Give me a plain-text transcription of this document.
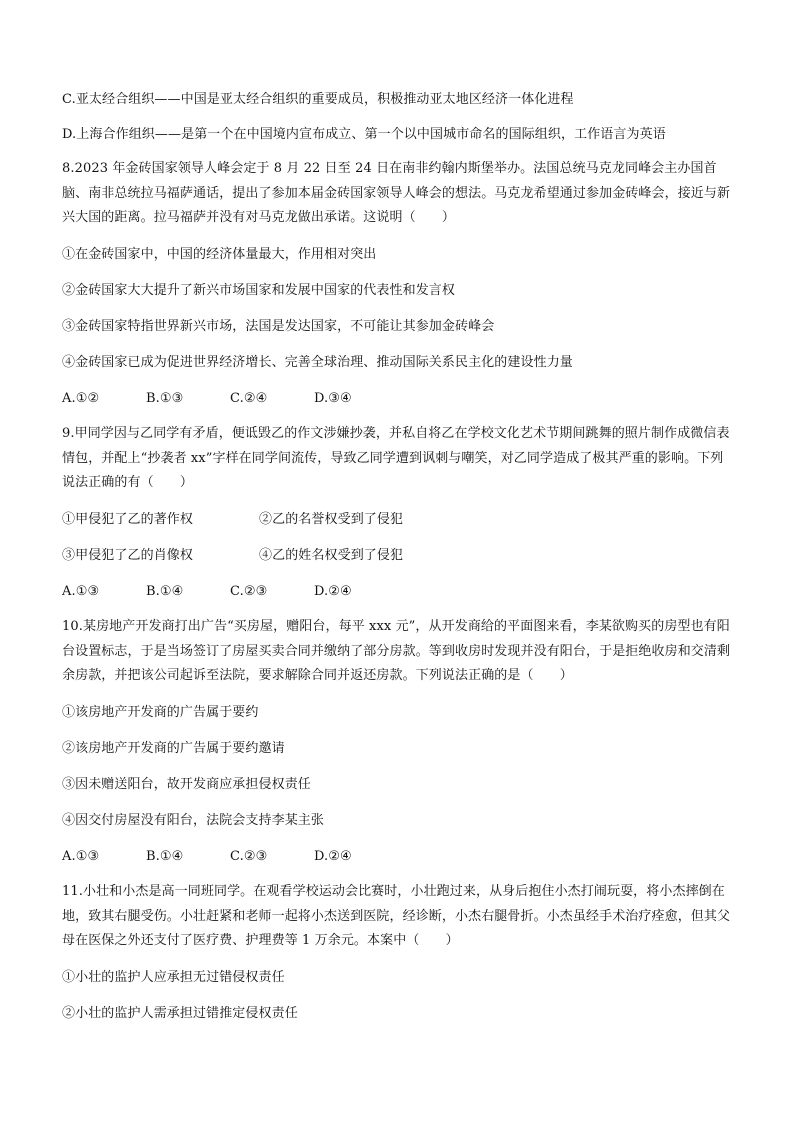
C.亚太经合组织——中国是亚太经合组织的重要成员，积极推动亚太地区经济一体化进程
D.上海合作组织——是第一个在中国境内宣布成立、第一个以中国城市命名的国际组织，工作语言为英语
8.2023 年金砖国家领导人峰会定于 8 月 22 日至 24 日在南非约翰内斯堡举办。法国总统马克龙同峰会主办国首脑、南非总统拉马福萨通话，提出了参加本届金砖国家领导人峰会的想法。马克龙希望通过参加金砖峰会，接近与新兴大国的距离。拉马福萨并没有对马克龙做出承诺。这说明（　　）
①在金砖国家中，中国的经济体量最大，作用相对突出
②金砖国家大大提升了新兴市场国家和发展中国家的代表性和发言权
③金砖国家特指世界新兴市场，法国是发达国家，不可能让其参加金砖峰会
④金砖国家已成为促进世界经济增长、完善全球治理、推动国际关系民主化的建设性力量
A.①②	B.①③	C.②④	D.③④
9.甲同学因与乙同学有矛盾，便诋毁乙的作文涉嫌抄袭，并私自将乙在学校文化艺术节期间跳舞的照片制作成微信表情包，并配上“抄袭者 xx”字样在同学间流传，导致乙同学遭到讽刺与嘲笑，对乙同学造成了极其严重的影响。下列说法正确的有（　　）
①甲侵犯了乙的著作权	②乙的名誉权受到了侵犯
③甲侵犯了乙的肖像权	④乙的姓名权受到了侵犯
A.①③	B.①④	C.②③	D.②④
10.某房地产开发商打出广告“买房屋，赠阳台，每平 xxx 元”，从开发商给的平面图来看，李某欲购买的房型也有阳台设置标志，于是当场签订了房屋买卖合同并缴纳了部分房款。等到收房时发现并没有阳台，于是拒绝收房和交清剩余房款，并把该公司起诉至法院，要求解除合同并返还房款。下列说法正确的是（　　）
①该房地产开发商的广告属于要约
②该房地产开发商的广告属于要约邀请
③因未赠送阳台，故开发商应承担侵权责任
④因交付房屋没有阳台，法院会支持李某主张
A.①③	B.①④	C.②③	D.②④
11.小壮和小杰是高一同班同学。在观看学校运动会比赛时，小壮跑过来，从身后抱住小杰打闹玩耍，将小杰摔倒在地，致其右腿受伤。小壮赶紧和老师一起将小杰送到医院，经诊断，小杰右腿骨折。小杰虽经手术治疗痊愈，但其父母在医保之外还支付了医疗费、护理费等 1 万余元。本案中（　　）
①小壮的监护人应承担无过错侵权责任
②小壮的监护人需承担过错推定侵权责任
